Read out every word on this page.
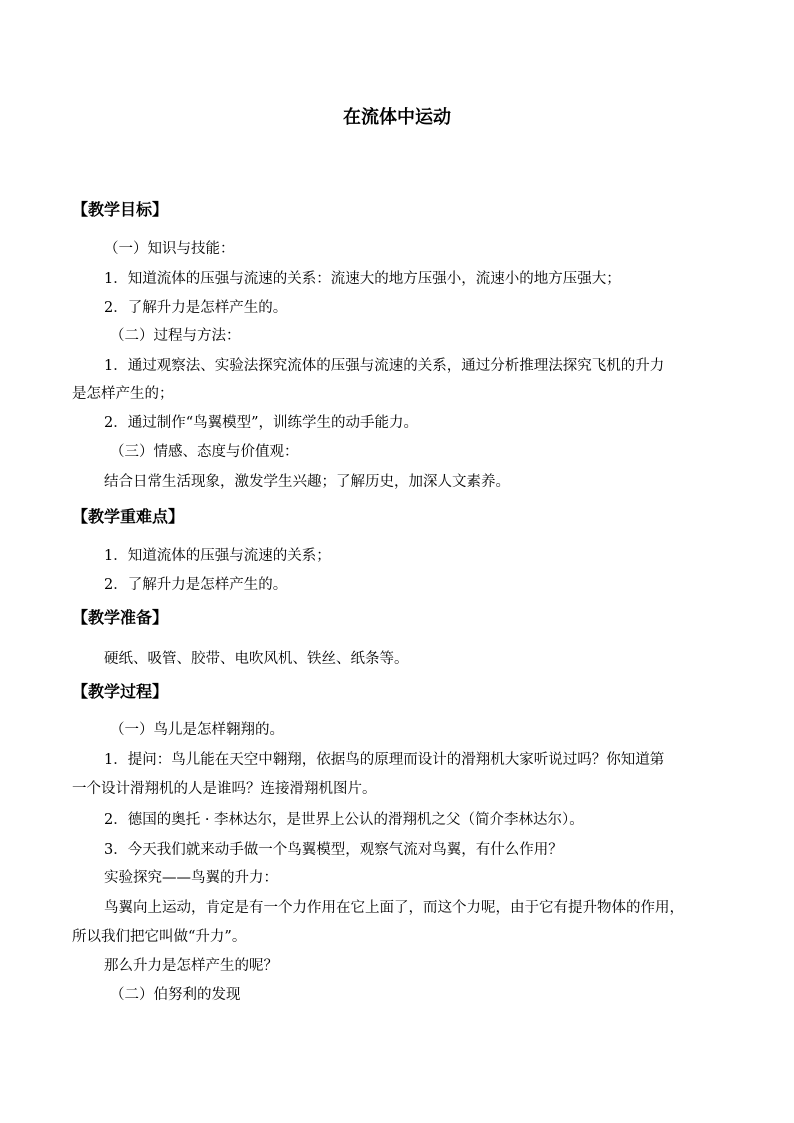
在流体中运动
【教学目标】
（一）知识与技能：
1．知道流体的压强与流速的关系：流速大的地方压强小，流速小的地方压强大；
2．了解升力是怎样产生的。
（二）过程与方法：
1．通过观察法、实验法探究流体的压强与流速的关系，通过分析推理法探究飞机的升力
是怎样产生的；
2．通过制作“鸟翼模型”，训练学生的动手能力。
（三）情感、态度与价值观：
结合日常生活现象，激发学生兴趣；了解历史，加深人文素养。
【教学重难点】
1．知道流体的压强与流速的关系；
2．了解升力是怎样产生的。
【教学准备】
硬纸、吸管、胶带、电吹风机、铁丝、纸条等。
【教学过程】
（一）鸟儿是怎样翱翔的。
1．提问：鸟儿能在天空中翱翔，依据鸟的原理而设计的滑翔机大家听说过吗？你知道第
一个设计滑翔机的人是谁吗？连接滑翔机图片。
2．德国的奥托 · 李林达尔，是世界上公认的滑翔机之父（简介李林达尔）。
3．今天我们就来动手做一个鸟翼模型，观察气流对鸟翼，有什么作用？
实验探究——鸟翼的升力：
鸟翼向上运动，肯定是有一个力作用在它上面了，而这个力呢，由于它有提升物体的作用，
所以我们把它叫做“升力”。
那么升力是怎样产生的呢？
（二）伯努利的发现
